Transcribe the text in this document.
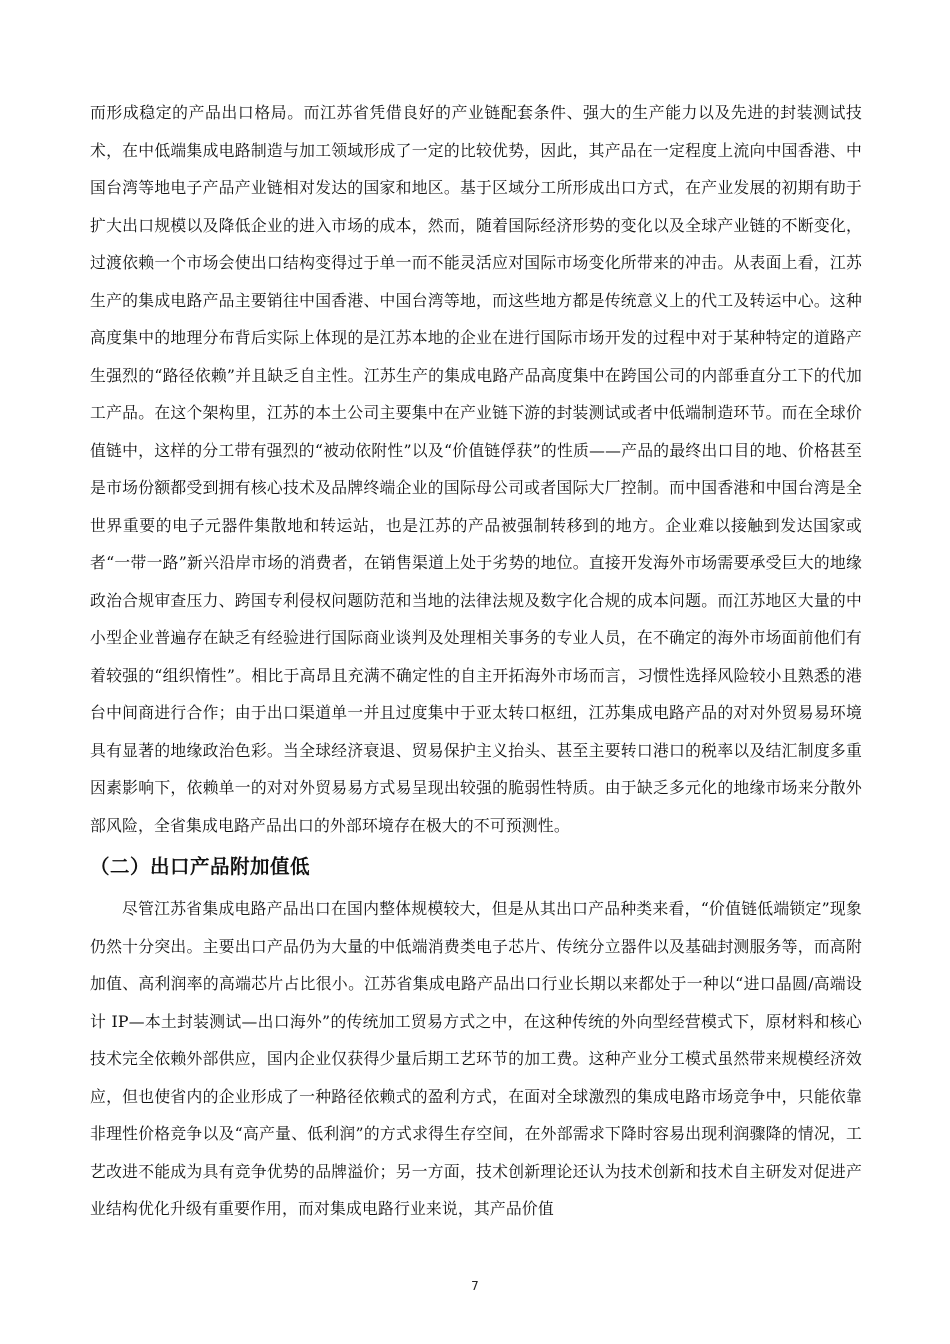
而形成稳定的产品出口格局。而江苏省凭借良好的产业链配套条件、强大的生产能力以及先进的封装测试技术，在中低端集成电路制造与加工领域形成了一定的比较优势，因此，其产品在一定程度上流向中国香港、中国台湾等地电子产品产业链相对发达的国家和地区。基于区域分工所形成出口方式，在产业发展的初期有助于扩大出口规模以及降低企业的进入市场的成本，然而，随着国际经济形势的变化以及全球产业链的不断变化，过渡依赖一个市场会使出口结构变得过于单一而不能灵活应对国际市场变化所带来的冲击。从表面上看，江苏生产的集成电路产品主要销往中国香港、中国台湾等地，而这些地方都是传统意义上的代工及转运中心。这种高度集中的地理分布背后实际上体现的是江苏本地的企业在进行国际市场开发的过程中对于某种特定的道路产生强烈的“路径依赖”并且缺乏自主性。江苏生产的集成电路产品高度集中在跨国公司的内部垂直分工下的代加工产品。在这个架构里，江苏的本土公司主要集中在产业链下游的封装测试或者中低端制造环节。而在全球价值链中，这样的分工带有强烈的“被动依附性”以及“价值链俘获”的性质——产品的最终出口目的地、价格甚至是市场份额都受到拥有核心技术及品牌终端企业的国际母公司或者国际大厂控制。而中国香港和中国台湾是全世界重要的电子元器件集散地和转运站，也是江苏的产品被强制转移到的地方。企业难以接触到发达国家或者“一带一路”新兴沿岸市场的消费者，在销售渠道上处于劣势的地位。直接开发海外市场需要承受巨大的地缘政治合规审查压力、跨国专利侵权问题防范和当地的法律法规及数字化合规的成本问题。而江苏地区大量的中小型企业普遍存在缺乏有经验进行国际商业谈判及处理相关事务的专业人员，在不确定的海外市场面前他们有着较强的“组织惰性”。相比于高昂且充满不确定性的自主开拓海外市场而言，习惯性选择风险较小且熟悉的港台中间商进行合作；由于出口渠道单一并且过度集中于亚太转口枢纽，江苏集成电路产品的对对外贸易易环境具有显著的地缘政治色彩。当全球经济衰退、贸易保护主义抬头、甚至主要转口港口的税率以及结汇制度多重因素影响下，依赖单一的对对外贸易易方式易呈现出较强的脆弱性特质。由于缺乏多元化的地缘市场来分散外部风险，全省集成电路产品出口的外部环境存在极大的不可预测性。

（二）出口产品附加值低

尽管江苏省集成电路产品出口在国内整体规模较大，但是从其出口产品种类来看，“价值链低端锁定”现象仍然十分突出。主要出口产品仍为大量的中低端消费类电子芯片、传统分立器件以及基础封测服务等，而高附加值、高利润率的高端芯片占比很小。江苏省集成电路产品出口行业长期以来都处于一种以“进口晶圆/高端设计 IP—本土封装测试—出口海外”的传统加工贸易方式之中，在这种传统的外向型经营模式下，原材料和核心技术完全依赖外部供应，国内企业仅获得少量后期工艺环节的加工费。这种产业分工模式虽然带来规模经济效应，但也使省内的企业形成了一种路径依赖式的盈利方式，在面对全球激烈的集成电路市场竞争中，只能依靠非理性价格竞争以及“高产量、低利润”的方式求得生存空间，在外部需求下降时容易出现利润骤降的情况，工艺改进不能成为具有竞争优势的品牌溢价；另一方面，技术创新理论还认为技术创新和技术自主研发对促进产业结构优化升级有重要作用，而对集成电路行业来说，其产品价值

7
